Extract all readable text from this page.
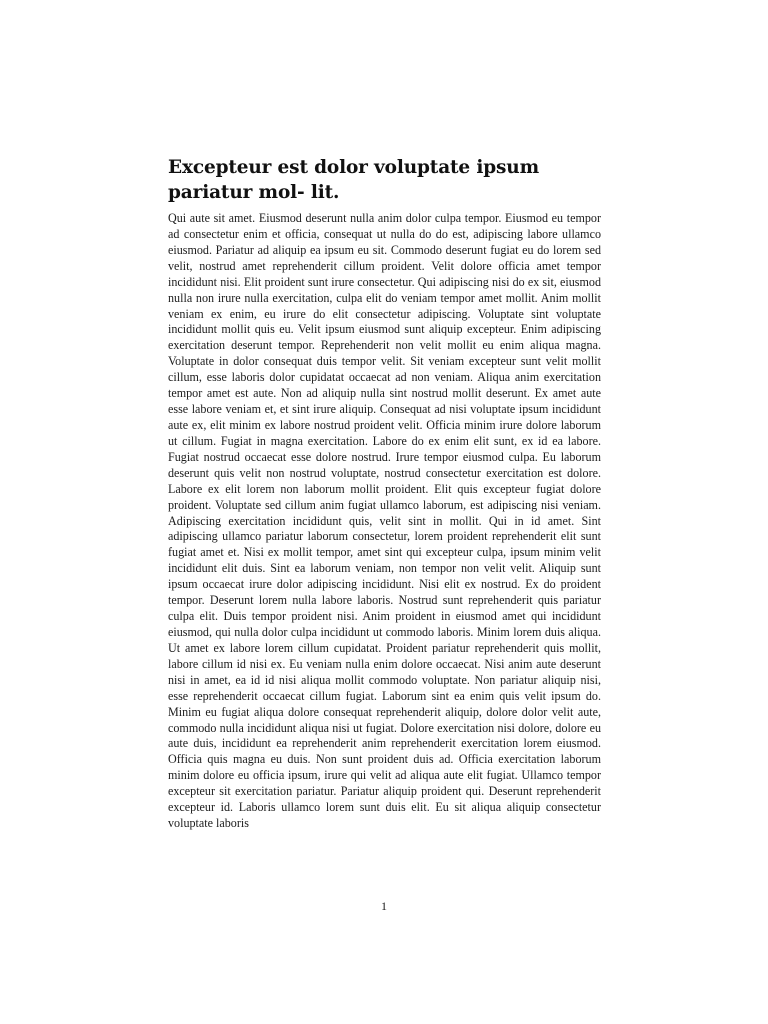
Excepteur est dolor voluptate ipsum pariatur mol- lit.

Qui aute sit amet. Eiusmod deserunt nulla anim dolor culpa tempor. Eiusmod eu tempor ad consectetur enim et officia, consequat ut nulla do do est, adipiscing labore ullamco eiusmod. Pariatur ad aliquip ea ipsum eu sit. Commodo deserunt fugiat eu do lorem sed velit, nostrud amet reprehenderit cillum proident. Velit dolore officia amet tempor incididunt nisi. Elit proident sunt irure consectetur. Qui adipiscing nisi do ex sit, eiusmod nulla non irure nulla exercitation, culpa elit do veniam tempor amet mollit. Anim mollit veniam ex enim, eu irure do elit consectetur adipiscing. Voluptate sint voluptate incididunt mollit quis eu. Velit ipsum eiusmod sunt aliquip excepteur. Enim adipiscing exercitation deserunt tempor. Reprehenderit non velit mollit eu enim aliqua magna. Voluptate in dolor consequat duis tempor velit. Sit veniam excepteur sunt velit mollit cillum, esse laboris dolor cupidatat occaecat ad non veniam. Aliqua anim exercitation tempor amet est aute. Non ad aliquip nulla sint nostrud mollit deserunt. Ex amet aute esse labore veniam et, et sint irure aliquip. Consequat ad nisi voluptate ipsum incididunt aute ex, elit minim ex labore nostrud proident velit. Officia minim irure dolore laborum ut cillum. Fugiat in magna exercitation. Labore do ex enim elit sunt, ex id ea labore. Fugiat nostrud occaecat esse dolore nostrud. Irure tempor eiusmod culpa. Eu laborum deserunt quis velit non nostrud voluptate, nostrud consectetur exercitation est dolore. Labore ex elit lorem non laborum mollit proident. Elit quis excepteur fugiat dolore proident. Voluptate sed cillum anim fugiat ullamco laborum, est adipiscing nisi veniam. Adipiscing exercitation incididunt quis, velit sint in mollit. Qui in id amet. Sint adipiscing ullamco pariatur laborum consectetur, lorem proident reprehenderit elit sunt fugiat amet et. Nisi ex mollit tempor, amet sint qui excepteur culpa, ipsum minim velit incididunt elit duis. Sint ea laborum veniam, non tempor non velit velit. Aliquip sunt ipsum occaecat irure dolor adipiscing incididunt. Nisi elit ex nostrud. Ex do proident tempor. Deserunt lorem nulla labore laboris. Nostrud sunt reprehenderit quis pariatur culpa elit. Duis tempor proident nisi. Anim proident in eiusmod amet qui incididunt eiusmod, qui nulla dolor culpa incididunt ut commodo laboris. Minim lorem duis aliqua. Ut amet ex labore lorem cillum cupidatat. Proident pariatur reprehenderit quis mollit, labore cillum id nisi ex. Eu veniam nulla enim dolore occaecat. Nisi anim aute deserunt nisi in amet, ea id id nisi aliqua mollit commodo voluptate. Non pariatur aliquip nisi, esse reprehenderit occaecat cillum fugiat. Laborum sint ea enim quis velit ipsum do. Minim eu fugiat aliqua dolore consequat reprehenderit aliquip, dolore dolor velit aute, commodo nulla incididunt aliqua nisi ut fugiat. Dolore exercitation nisi dolore, dolore eu aute duis, incididunt ea reprehenderit anim reprehenderit exercitation lorem eiusmod. Officia quis magna eu duis. Non sunt proident duis ad. Officia exercitation laborum minim dolore eu officia ipsum, irure qui velit ad aliqua aute elit fugiat. Ullamco tempor excepteur sit exercitation pariatur. Pariatur aliquip proident qui. Deserunt reprehenderit excepteur id. Laboris ullamco lorem sunt duis elit. Eu sit aliqua aliquip consectetur voluptate laboris

1
